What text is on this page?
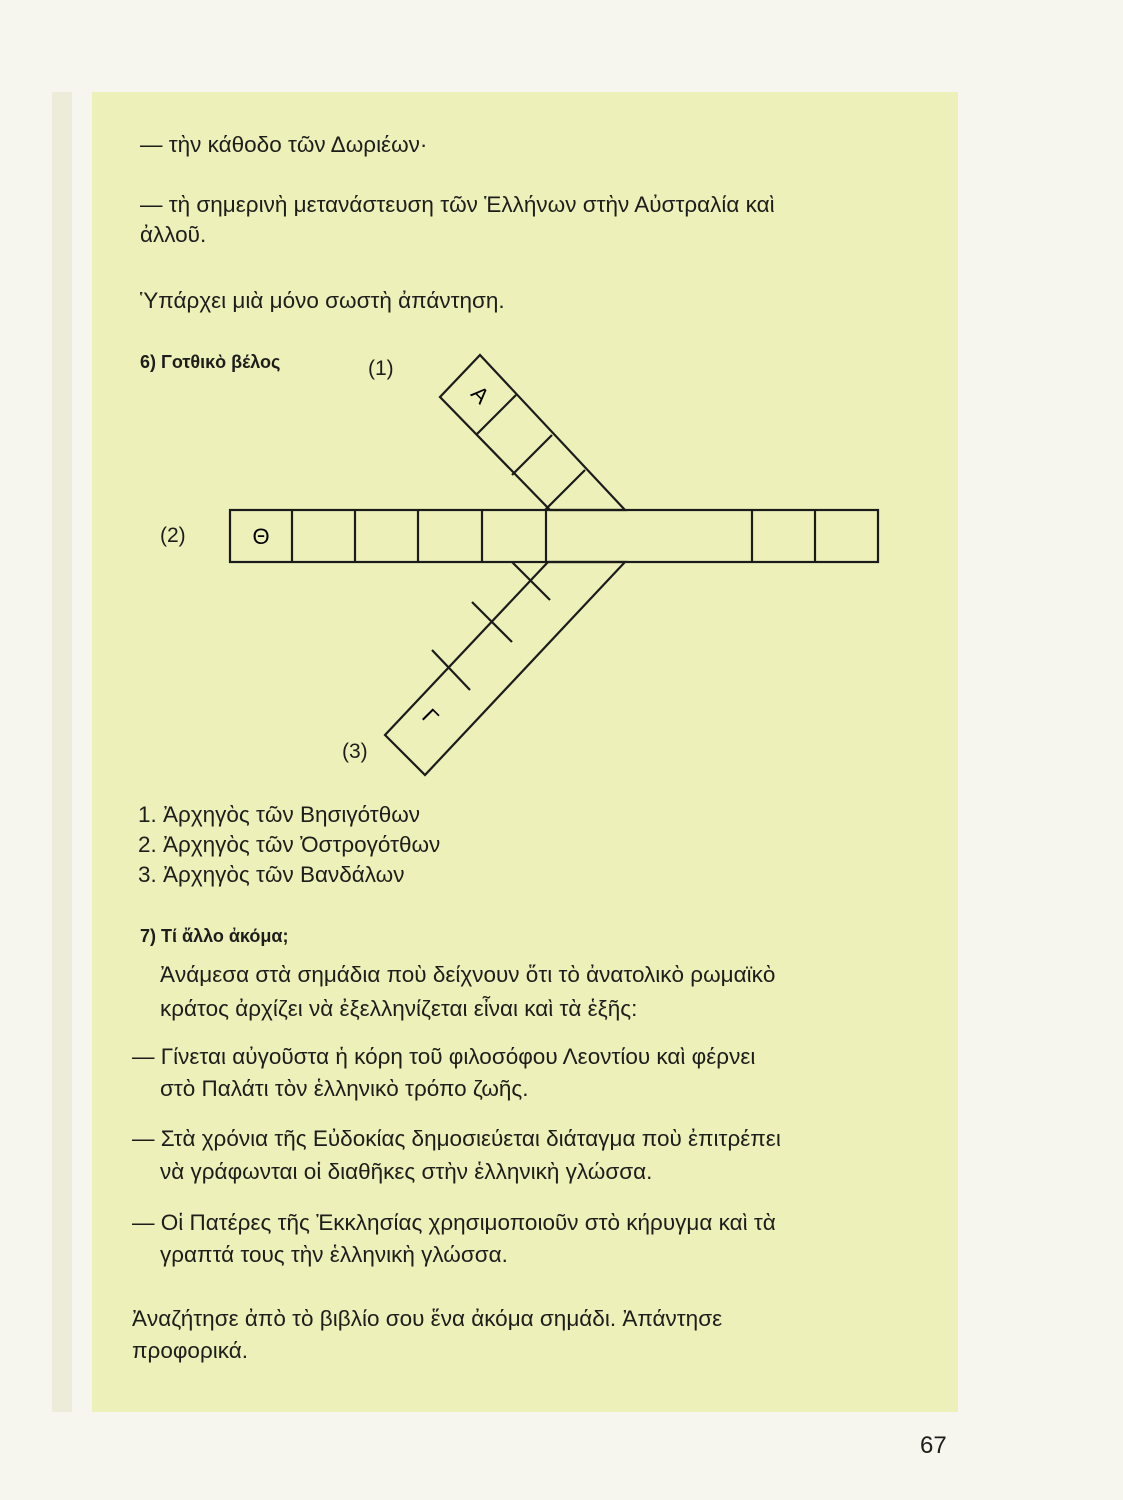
— τὴν κάθοδο τῶν Δωριέων·
— τὴ σημερινὴ μετανάστευση τῶν Ἑλλήνων στὴν Αὐστραλία καὶ
ἀλλοῦ.
Ὑπάρχει μιὰ μόνο σωστὴ ἀπάντηση.
6) Γοτθικὸ βέλος	(1)
(2)
(3)
Α
Θ
Γ
1. Ἀρχηγὸς τῶν Βησιγότθων
2. Ἀρχηγὸς τῶν Ὀστρογότθων
3. Ἀρχηγὸς τῶν Βανδάλων
7) Τί ἄλλο ἀκόμα;
Ἀνάμεσα στὰ σημάδια ποὺ δείχνουν ὅτι τὸ ἀνατολικὸ ρωμαϊκὸ
κράτος ἀρχίζει νὰ ἐξελληνίζεται εἶναι καὶ τὰ ἑξῆς:
— Γίνεται αὐγοῦστα ἡ κόρη τοῦ φιλοσόφου Λεοντίου καὶ φέρνει
στὸ Παλάτι τὸν ἑλληνικὸ τρόπο ζωῆς.
— Στὰ χρόνια τῆς Εὐδοκίας δημοσιεύεται διάταγμα ποὺ ἐπιτρέπει
νὰ γράφωνται οἱ διαθῆκες στὴν ἑλληνικὴ γλώσσα.
— Οἱ Πατέρες τῆς Ἐκκλησίας χρησιμοποιοῦν στὸ κήρυγμα καὶ τὰ
γραπτά τους τὴν ἑλληνικὴ γλώσσα.
Ἀναζήτησε ἀπὸ τὸ βιβλίο σου ἕνα ἀκόμα σημάδι. Ἀπάντησε
προφορικά.
67
